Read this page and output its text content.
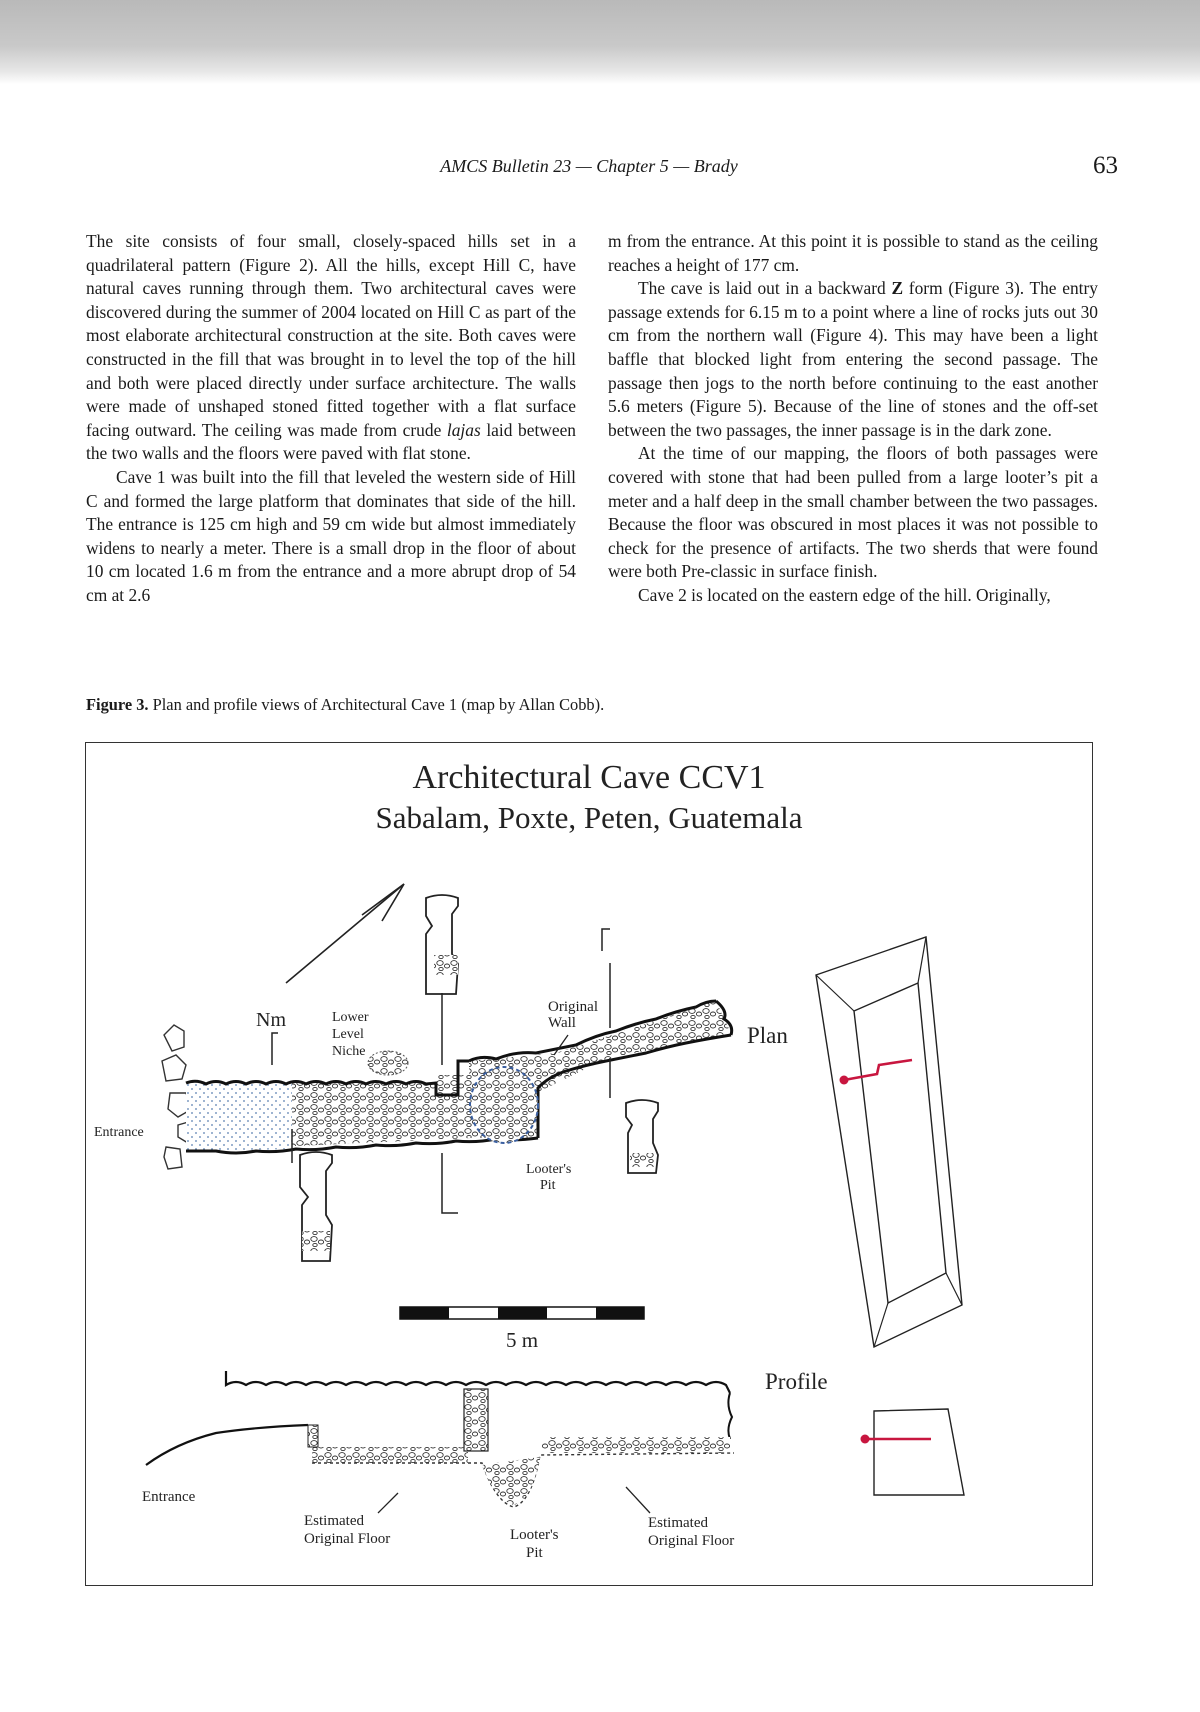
AMCS Bulletin 23 — Chapter 5 — Brady	63

The site consists of four small, closely-spaced hills set in a quadrilateral pattern (Figure 2). All the hills, except Hill C, have natural caves running through them. Two architectural caves were discovered during the summer of 2004 located on Hill C as part of the most elaborate architectural construction at the site. Both caves were constructed in the fill that was brought in to level the top of the hill and both were placed directly under surface architecture. The walls were made of unshaped stoned fitted together with a flat surface facing outward. The ceiling was made from crude lajas laid between the two walls and the floors were paved with flat stone.

Cave 1 was built into the fill that leveled the western side of Hill C and formed the large platform that dominates that side of the hill. The entrance is 125 cm high and 59 cm wide but almost immediately widens to nearly a meter. There is a small drop in the floor of about 10 cm located 1.6 m from the entrance and a more abrupt drop of 54 cm at 2.6

m from the entrance. At this point it is possible to stand as the ceiling reaches a height of 177 cm.

The cave is laid out in a backward Z form (Figure 3). The entry passage extends for 6.15 m to a point where a line of rocks juts out 30 cm from the northern wall (Figure 4). This may have been a light baffle that blocked light from entering the second passage. The passage then jogs to the north before continuing to the east another 5.6 meters (Figure 5). Because of the line of stones and the off-set between the two passages, the inner passage is in the dark zone.

At the time of our mapping, the floors of both passages were covered with stone that had been pulled from a large looter’s pit a meter and a half deep in the small chamber between the two passages. Because the floor was obscured in most places it was not possible to check for the presence of artifacts. The two sherds that were found were both Pre-classic in surface finish.

Cave 2 is located on the eastern edge of the hill. Originally,

Figure 3. Plan and profile views of Architectural Cave 1 (map by Allan Cobb).
Architectural Cave CCV1
Sabalam, Poxte, Peten, Guatemala
Nm
Entrance
Lower
Level
Niche
Original
Wall
Looter's
Pit
Plan
5 m
Entrance
Estimated
Original Floor	Looter's
Pit
Estimated
Original Floor
Profile
